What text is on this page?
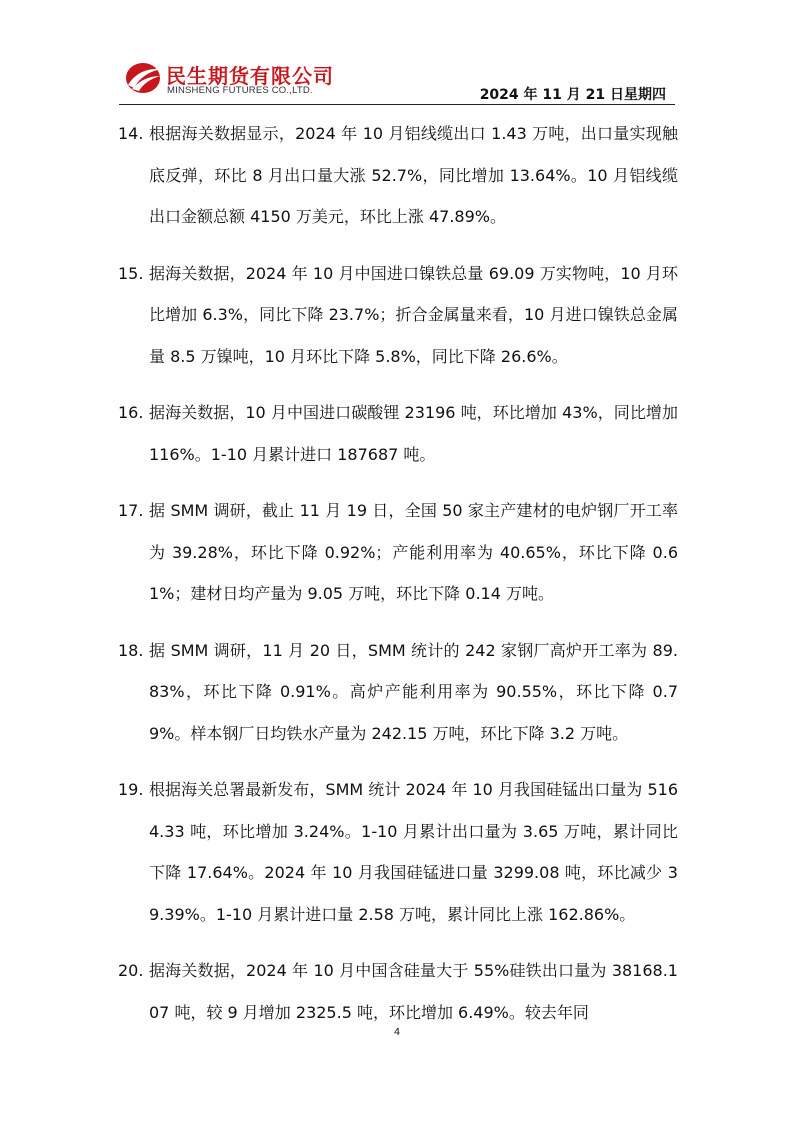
民生期货有限公司
MINSHENG FUTURES CO.,LTD.	2024 年 11 月 21 日星期四
14. 根据海关数据显示，2024 年 10 月铝线缆出口 1.43 万吨，出口量实现触底反弹，环比 8 月出口量大涨 52.7%，同比增加 13.64%。10 月铝线缆出口金额总额 4150 万美元，环比上涨 47.89%。
15. 据海关数据，2024 年 10 月中国进口镍铁总量 69.09 万实物吨，10 月环比增加 6.3%，同比下降 23.7%；折合金属量来看，10 月进口镍铁总金属量 8.5 万镍吨，10 月环比下降 5.8%，同比下降 26.6%。
16. 据海关数据，10 月中国进口碳酸锂 23196 吨，环比增加 43%，同比增加 116%。1-10 月累计进口 187687 吨。
17. 据 SMM 调研，截止 11 月 19 日，全国 50 家主产建材的电炉钢厂开工率为 39.28%，环比下降 0.92%；产能利用率为 40.65%，环比下降 0.61%；建材日均产量为 9.05 万吨，环比下降 0.14 万吨。
18. 据 SMM 调研，11 月 20 日，SMM 统计的 242 家钢厂高炉开工率为 89.83%，环比下降 0.91%。高炉产能利用率为 90.55%，环比下降 0.79%。样本钢厂日均铁水产量为 242.15 万吨，环比下降 3.2 万吨。
19. 根据海关总署最新发布，SMM 统计 2024 年 10 月我国硅锰出口量为 5164.33 吨，环比增加 3.24%。1-10 月累计出口量为 3.65 万吨，累计同比下降 17.64%。2024 年 10 月我国硅锰进口量 3299.08 吨，环比减少 39.39%。1-10 月累计进口量 2.58 万吨，累计同比上涨 162.86%。
20. 据海关数据，2024 年 10 月中国含硅量大于 55%硅铁出口量为 38168.107 吨，较 9 月增加 2325.5 吨，环比增加 6.49%。较去年同
4
